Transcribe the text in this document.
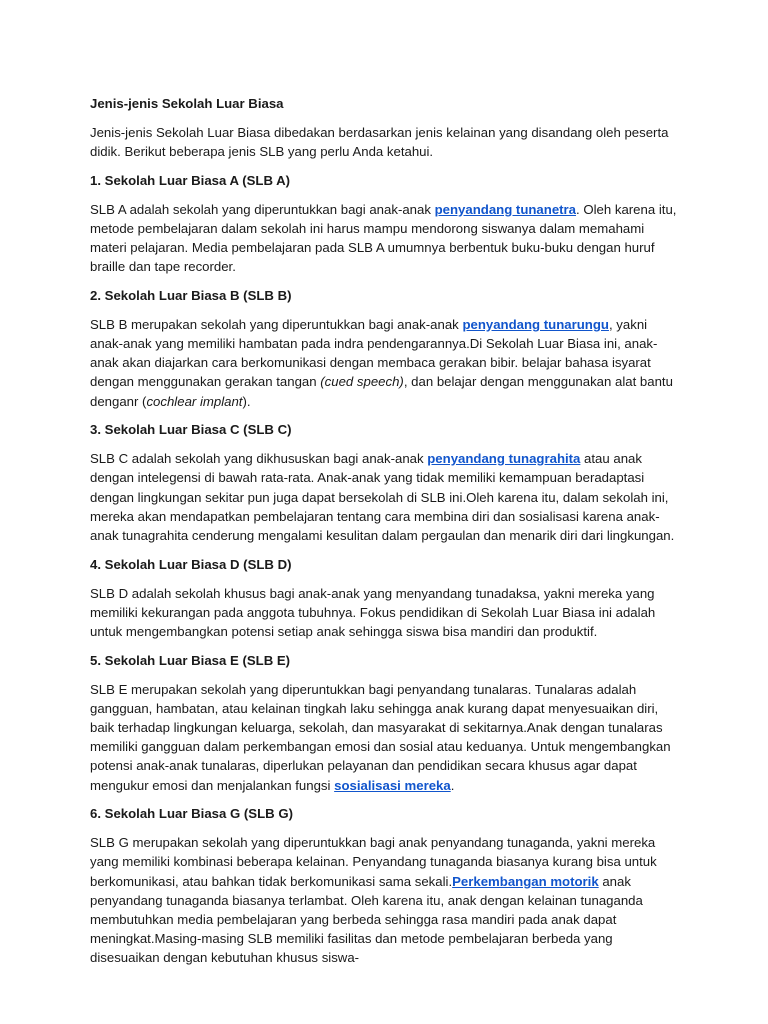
Jenis-jenis Sekolah Luar Biasa

Jenis-jenis Sekolah Luar Biasa dibedakan berdasarkan jenis kelainan yang disandang oleh peserta didik. Berikut beberapa jenis SLB yang perlu Anda ketahui.

1. Sekolah Luar Biasa A (SLB A)

SLB A adalah sekolah yang diperuntukkan bagi anak-anak penyandang tunanetra. Oleh karena itu, metode pembelajaran dalam sekolah ini harus mampu mendorong siswanya dalam memahami materi pelajaran. Media pembelajaran pada SLB A umumnya berbentuk buku-buku dengan huruf braille dan tape recorder.

2. Sekolah Luar Biasa B (SLB B)

SLB B merupakan sekolah yang diperuntukkan bagi anak-anak penyandang tunarungu, yakni anak-anak yang memiliki hambatan pada indra pendengarannya.Di Sekolah Luar Biasa ini, anak-anak akan diajarkan cara berkomunikasi dengan membaca gerakan bibir. belajar bahasa isyarat dengan menggunakan gerakan tangan (cued speech), dan belajar dengan menggunakan alat bantu denganr (cochlear implant).

3. Sekolah Luar Biasa C (SLB C)

SLB C adalah sekolah yang dikhususkan bagi anak-anak penyandang tunagrahita atau anak dengan intelegensi di bawah rata-rata. Anak-anak yang tidak memiliki kemampuan beradaptasi dengan lingkungan sekitar pun juga dapat bersekolah di SLB ini.Oleh karena itu, dalam sekolah ini, mereka akan mendapatkan pembelajaran tentang cara membina diri dan sosialisasi karena anak-anak tunagrahita cenderung mengalami kesulitan dalam pergaulan dan menarik diri dari lingkungan.

4. Sekolah Luar Biasa D (SLB D)

SLB D adalah sekolah khusus bagi anak-anak yang menyandang tunadaksa, yakni mereka yang memiliki kekurangan pada anggota tubuhnya. Fokus pendidikan di Sekolah Luar Biasa ini adalah untuk mengembangkan potensi setiap anak sehingga siswa bisa mandiri dan produktif.

5. Sekolah Luar Biasa E (SLB E)

SLB E merupakan sekolah yang diperuntukkan bagi penyandang tunalaras. Tunalaras adalah gangguan, hambatan, atau kelainan tingkah laku sehingga anak kurang dapat menyesuaikan diri, baik terhadap lingkungan keluarga, sekolah, dan masyarakat di sekitarnya.Anak dengan tunalaras memiliki gangguan dalam perkembangan emosi dan sosial atau keduanya. Untuk mengembangkan potensi anak-anak tunalaras, diperlukan pelayanan dan pendidikan secara khusus agar dapat mengukur emosi dan menjalankan fungsi sosialisasi mereka.

6. Sekolah Luar Biasa G (SLB G)

SLB G merupakan sekolah yang diperuntukkan bagi anak penyandang tunaganda, yakni mereka yang memiliki kombinasi beberapa kelainan. Penyandang tunaganda biasanya kurang bisa untuk berkomunikasi, atau bahkan tidak berkomunikasi sama sekali.Perkembangan motorik anak penyandang tunaganda biasanya terlambat. Oleh karena itu, anak dengan kelainan tunaganda membutuhkan media pembelajaran yang berbeda sehingga rasa mandiri pada anak dapat meningkat.Masing-masing SLB memiliki fasilitas dan metode pembelajaran berbeda yang disesuaikan dengan kebutuhan khusus siswa-
